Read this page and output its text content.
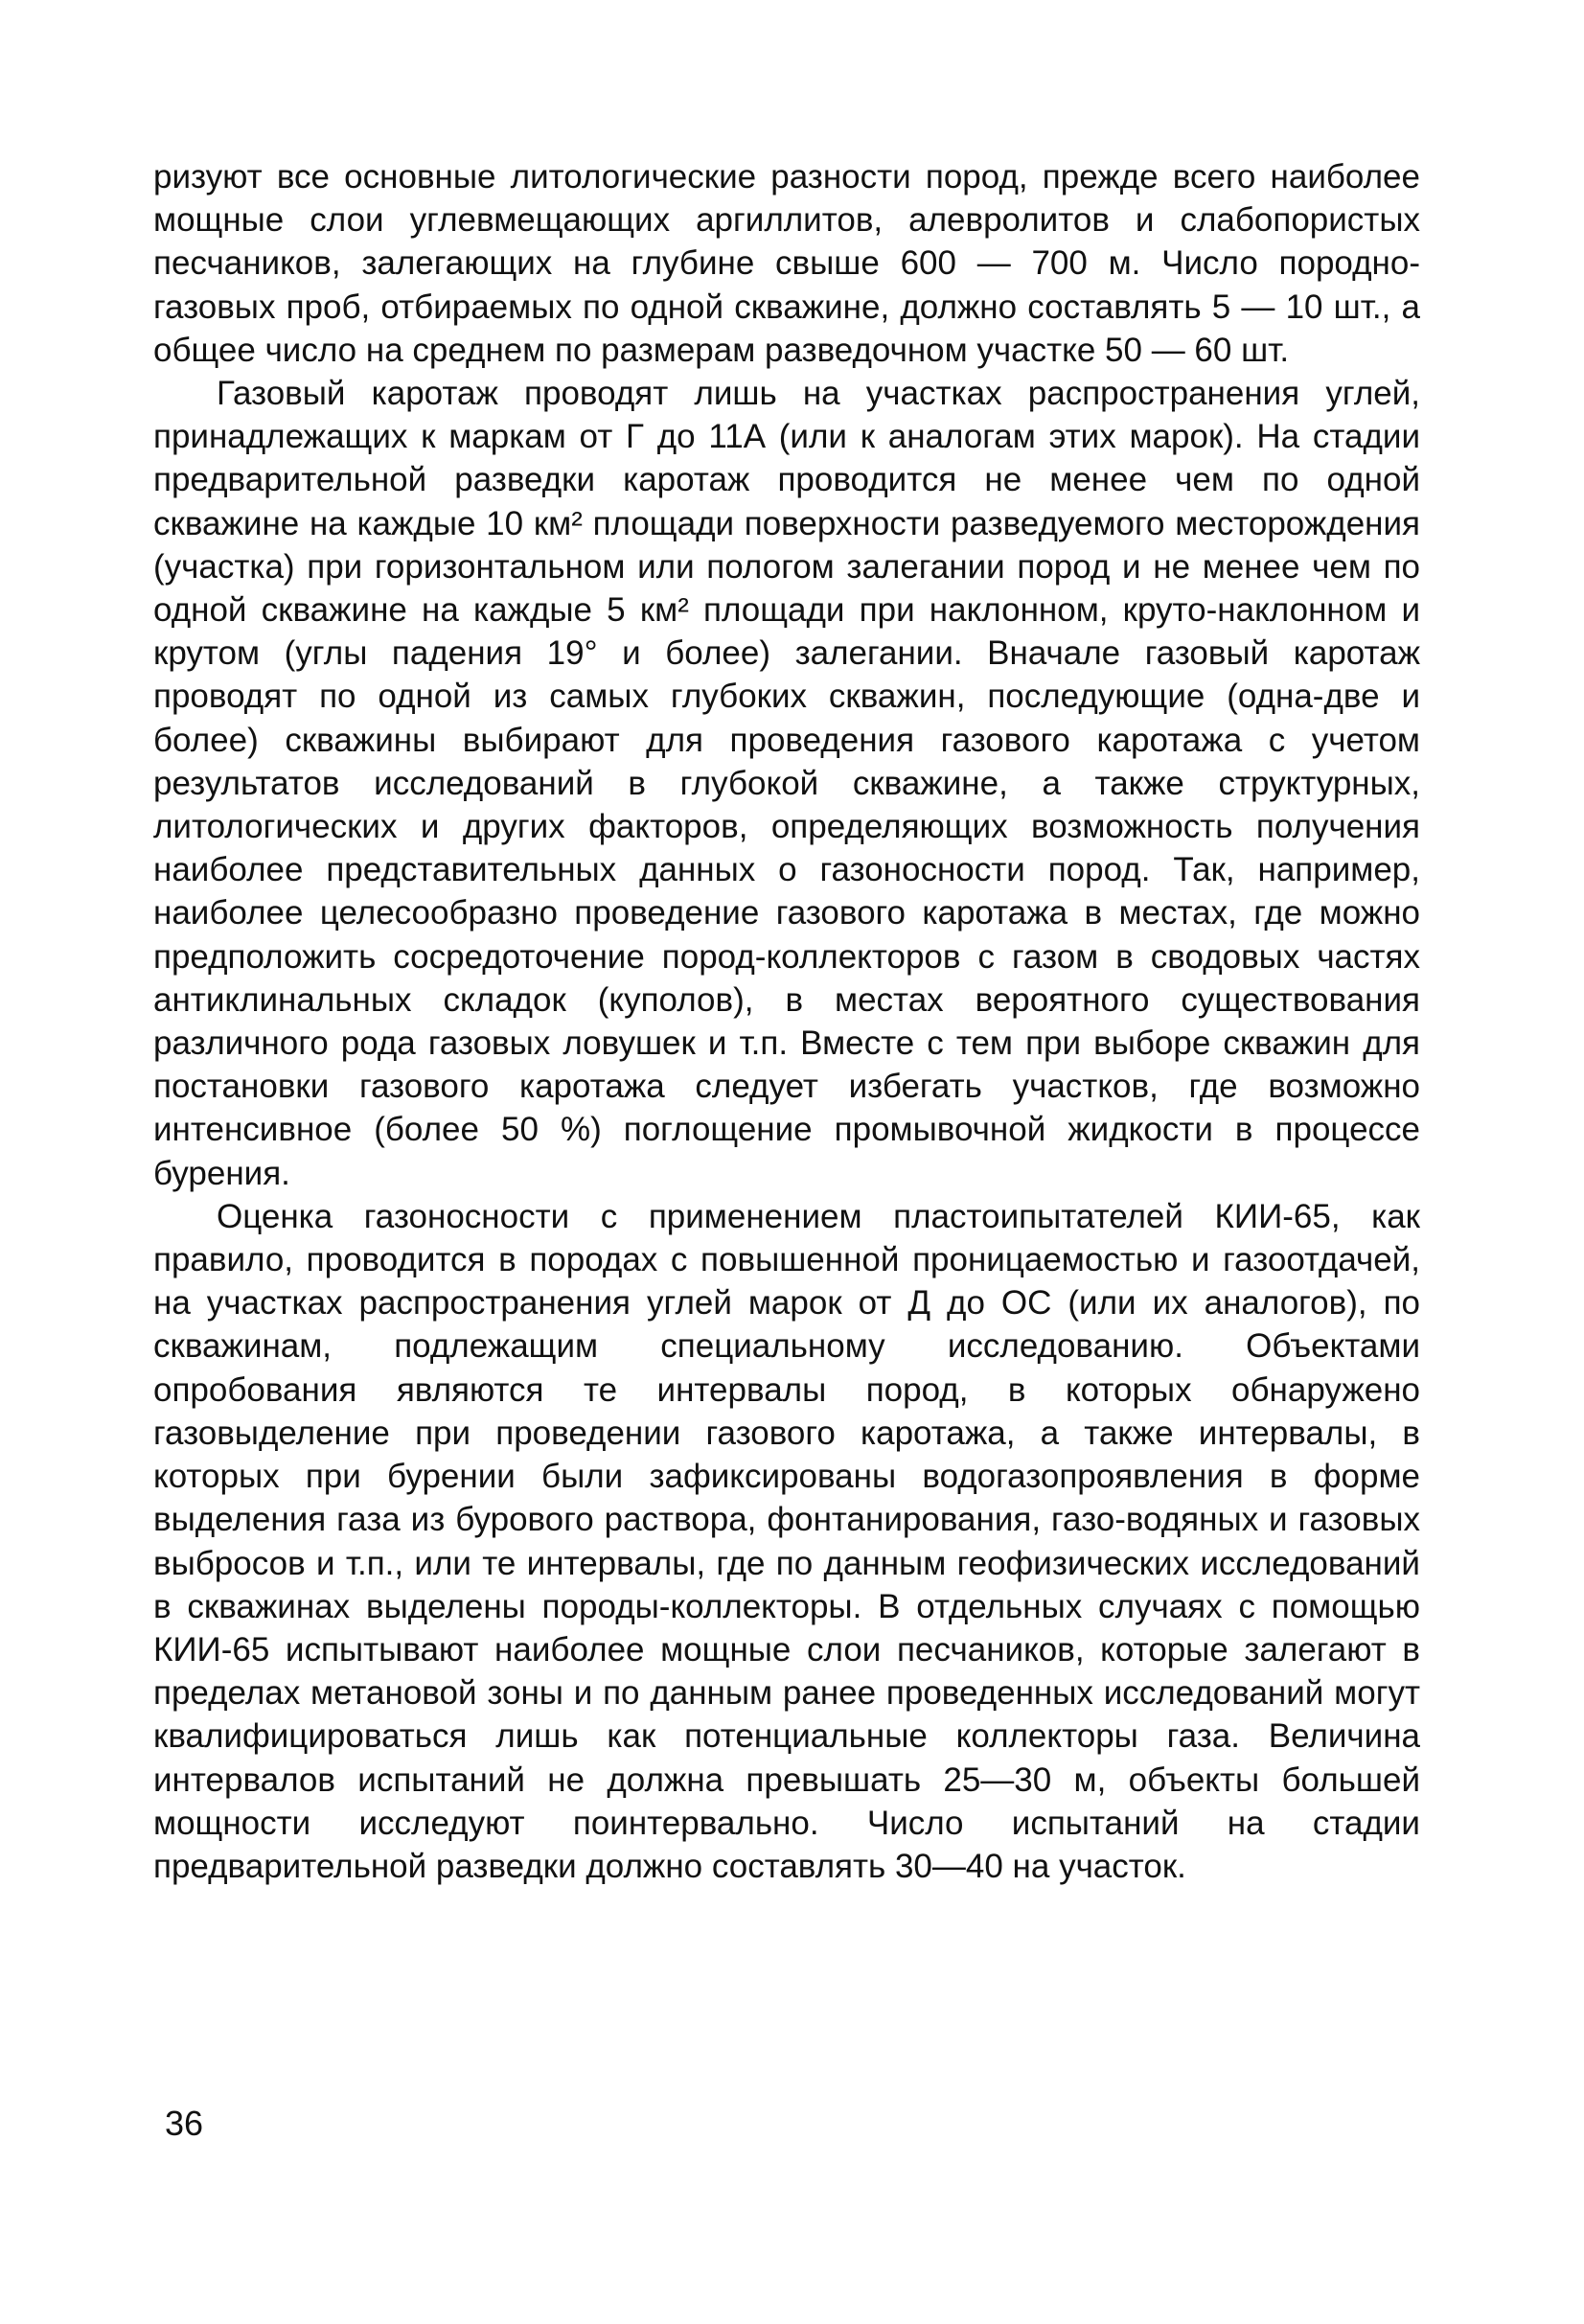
ризуют все основные литологические разности пород, прежде всего наиболее мощные слои углевмещающих аргиллитов, алевролитов и слабопористых песчаников, залегающих на глубине свыше 600 — 700 м. Число породно-газовых проб, отбираемых по одной скважине, должно составлять 5 — 10 шт., а общее число на среднем по размерам разведочном участке 50 — 60 шт.

Газовый каротаж проводят лишь на участках распространения углей, принадлежащих к маркам от Г до 11А (или к аналогам этих марок). На стадии предварительной разведки каротаж проводится не менее чем по одной скважине на каждые 10 км² площади поверхности разведуемого месторождения (участка) при горизонтальном или пологом залегании пород и не менее чем по одной скважине на каждые 5 км² площади при наклонном, круто-наклонном и крутом (углы падения 19° и более) залегании. Вначале газовый каротаж проводят по одной из самых глубоких скважин, последующие (одна-две и более) скважины выбирают для проведения газового каротажа с учетом результатов исследований в глубокой скважине, а также структурных, литологических и других факторов, определяющих возможность получения наиболее представительных данных о газоносности пород. Так, например, наиболее целесообразно проведение газового каротажа в местах, где можно предположить сосредоточение пород-коллекторов с газом в сводовых частях антиклинальных складок (куполов), в местах вероятного существования различного рода газовых ловушек и т.п. Вместе с тем при выборе скважин для постановки газового каротажа следует избегать участков, где возможно интенсивное (более 50 %) поглощение промывочной жидкости в процессе бурения.

Оценка газоносности с применением пластоипытателей КИИ-65, как правило, проводится в породах с повышенной проницаемостью и газоотдачей, на участках распространения углей марок от Д до ОС (или их аналогов), по скважинам, подлежащим специальному исследованию. Объектами опробования являются те интервалы пород, в которых обнаружено газовыделение при проведении газового каротажа, а также интервалы, в которых при бурении были зафиксированы водогазопроявления в форме выделения газа из бурового раствора, фонтанирования, газо-водяных и газовых выбросов и т.п., или те интервалы, где по данным геофизических исследований в скважинах выделены породы-коллекторы. В отдельных случаях с помощью КИИ-65 испытывают наиболее мощные слои песчаников, которые залегают в пределах метановой зоны и по данным ранее проведенных исследований могут квалифицироваться лишь как потенциальные коллекторы газа. Величина интервалов испытаний не должна превышать 25—30 м, объекты большей мощности исследуют поинтервально. Число испытаний на стадии предварительной разведки должно составлять 30—40 на участок.

36
